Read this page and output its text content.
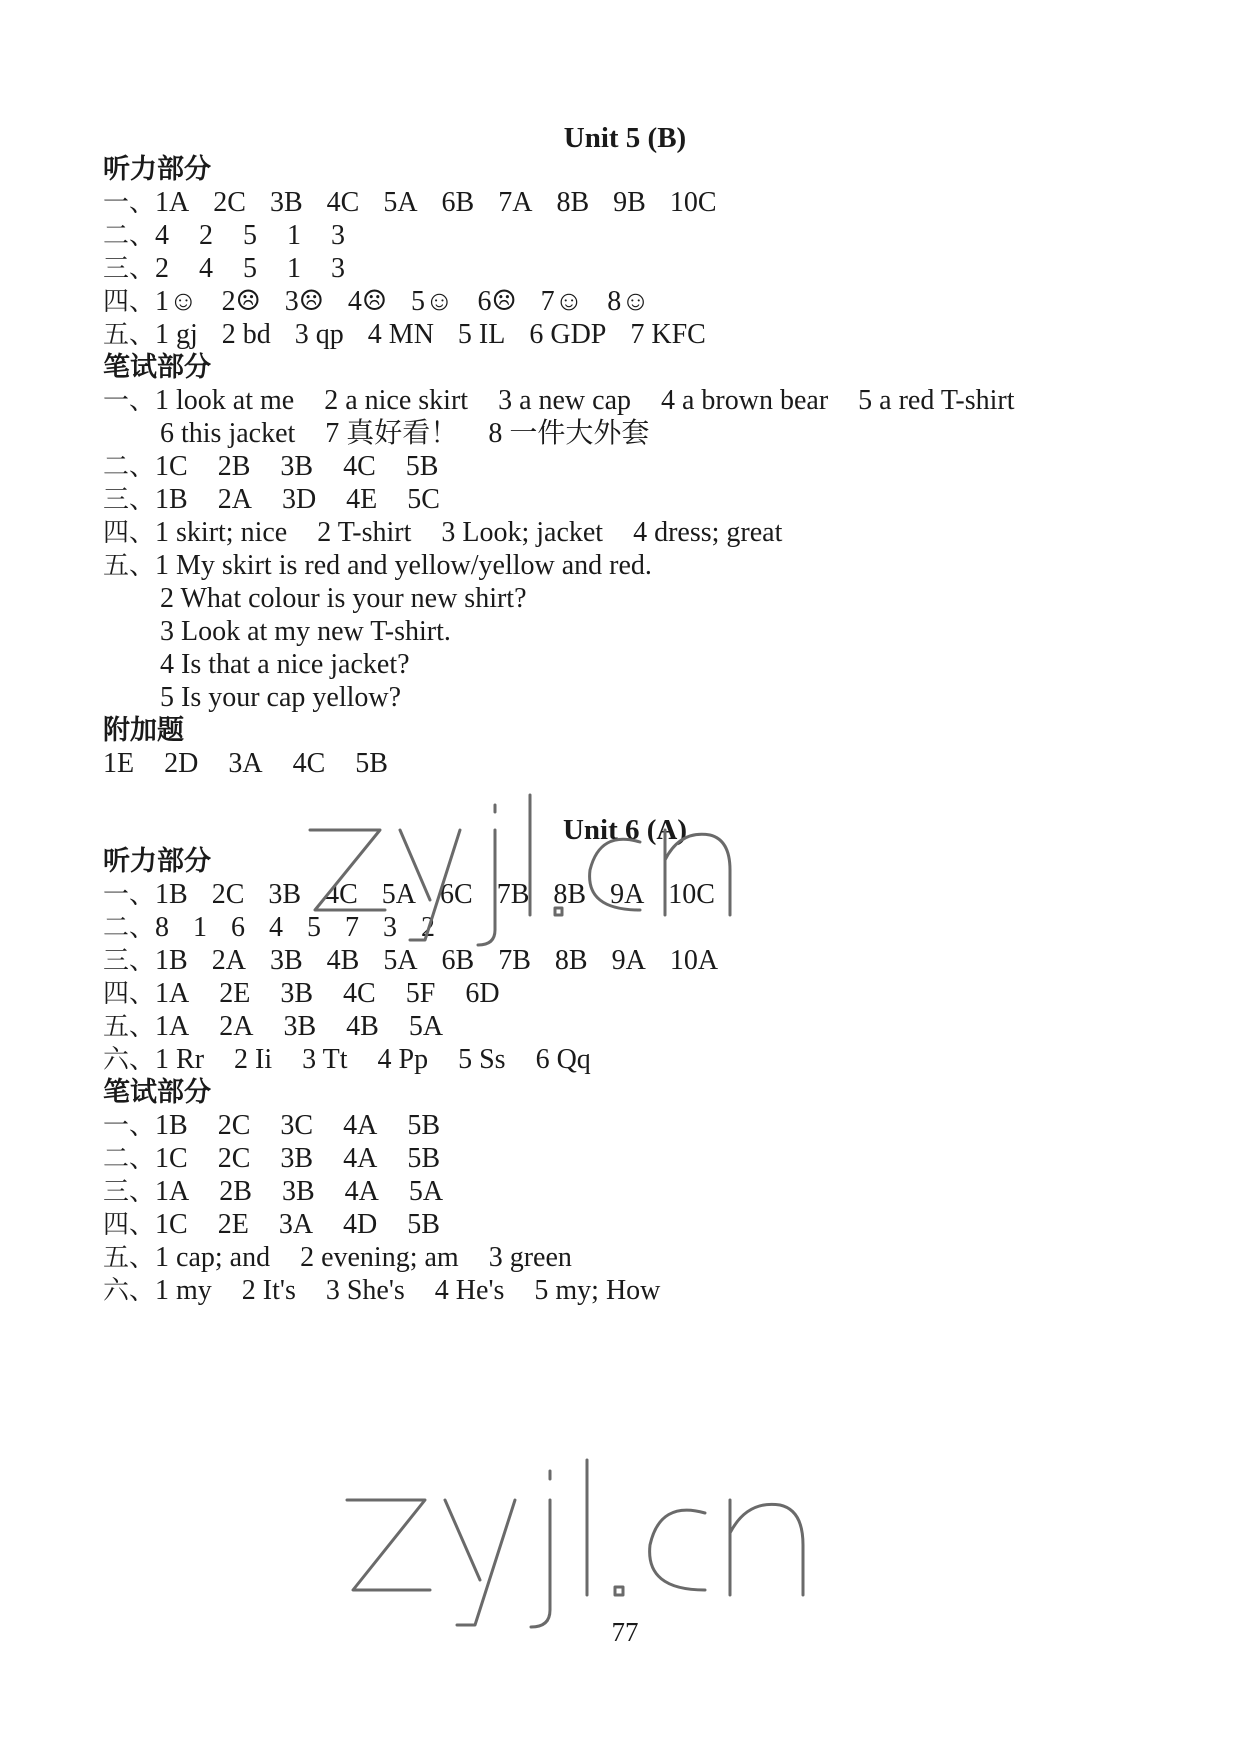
Unit 5 (B)
听力部分
一、1A 2C 3B 4C 5A 6B 7A 8B 9B 10C
二、4 2 5 1 3
三、2 4 5 1 3
四、1☺ 2☹ 3☹ 4☹ 5☺ 6☹ 7☺ 8☺
五、1 gj 2 bd 3 qp 4 MN 5 IL 6 GDP 7 KFC
笔试部分
一、1 look at me 2 a nice skirt 3 a new cap 4 a brown bear 5 a red T-shirt
6 this jacket 7 真好看！ 8 一件大外套
二、1C 2B 3B 4C 5B
三、1B 2A 3D 4E 5C
四、1 skirt; nice 2 T-shirt 3 Look; jacket 4 dress; great
五、1 My skirt is red and yellow/yellow and red.
2 What colour is your new shirt?
3 Look at my new T-shirt.
4 Is that a nice jacket?
5 Is your cap yellow?
附加题
1E 2D 3A 4C 5B
Unit 6 (A)
听力部分
一、1B 2C 3B 4C 5A 6C 7B 8B 9A 10C
二、8 1 6 4 5 7 3 2
三、1B 2A 3B 4B 5A 6B 7B 8B 9A 10A
四、1A 2E 3B 4C 5F 6D
五、1A 2A 3B 4B 5A
六、1 Rr 2 Ii 3 Tt 4 Pp 5 Ss 6 Qq
笔试部分
一、1B 2C 3C 4A 5B
二、1C 2C 3B 4A 5B
三、1A 2B 3B 4A 5A
四、1C 2E 3A 4D 5B
五、1 cap; and 2 evening; am 3 green
六、1 my 2 It's 3 She's 4 He's 5 my; How
77
